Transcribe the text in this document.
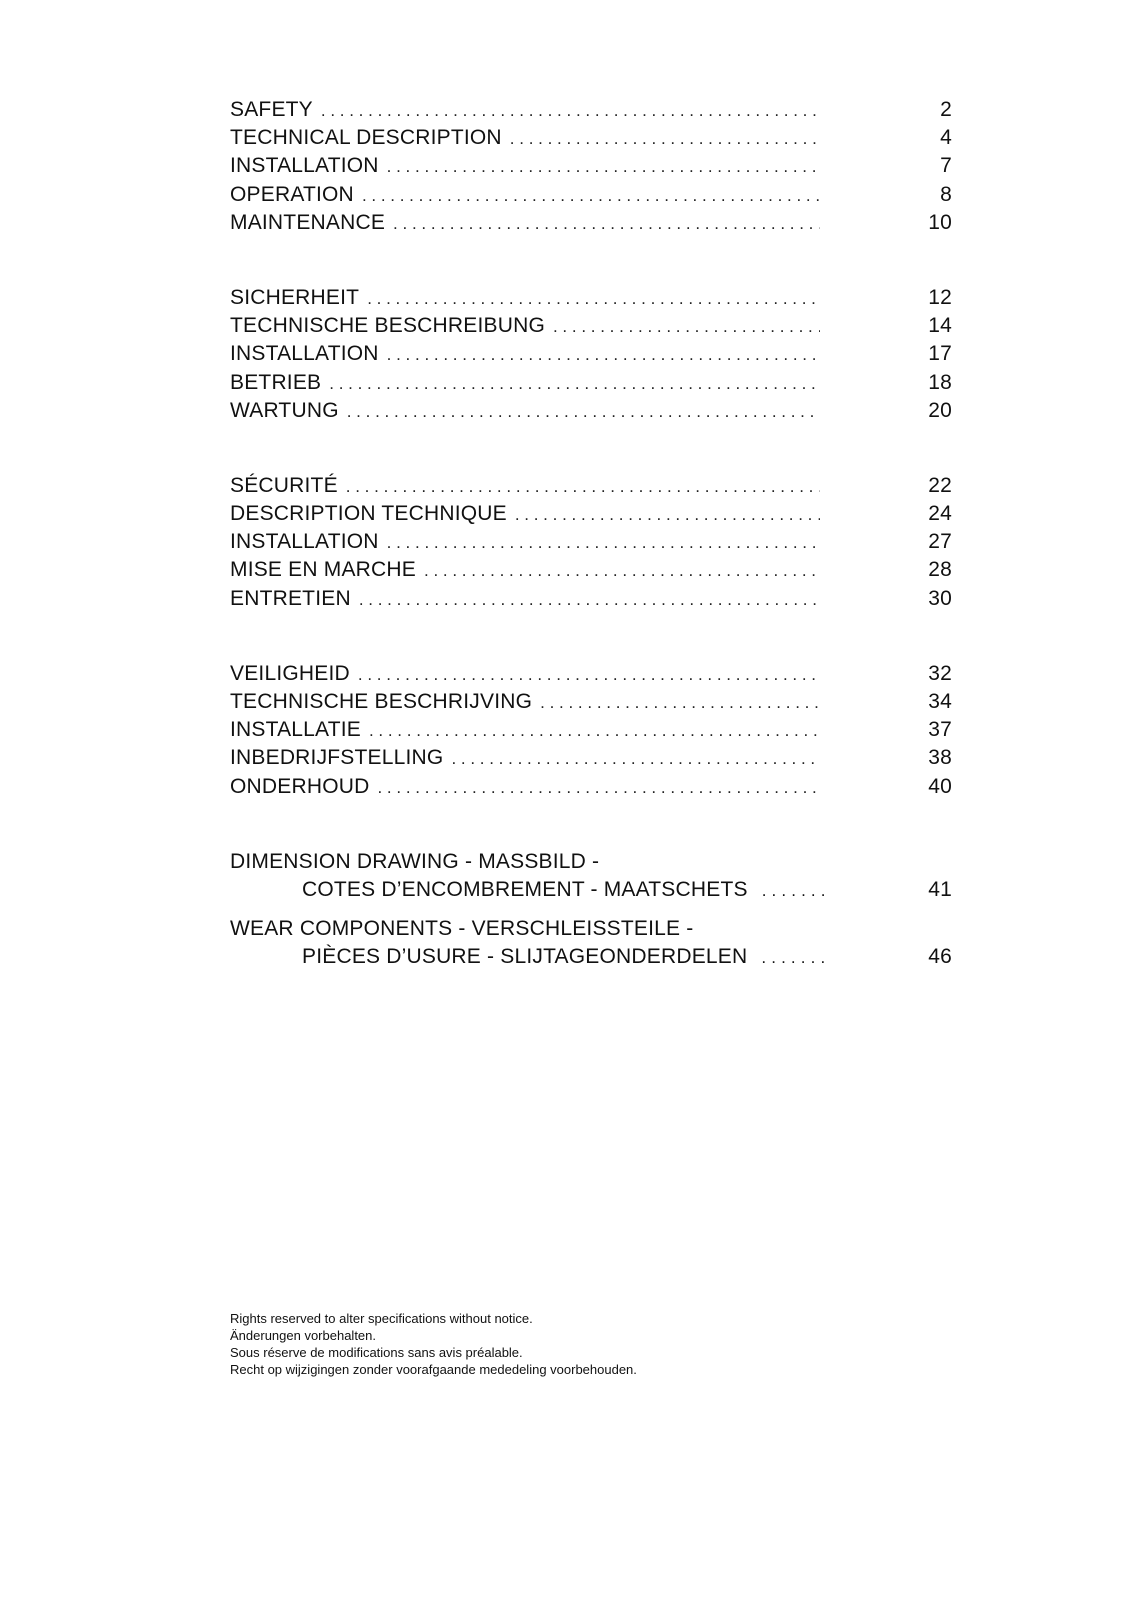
SAFETY . . .	2
TECHNICAL DESCRIPTION . . .	4
INSTALLATION . . .	7
OPERATION . . .	8
MAINTENANCE . . .	10
SICHERHEIT . . .	12
TECHNISCHE BESCHREIBUNG . . .	14
INSTALLATION . . .	17
BETRIEB . . .	18
WARTUNG . . .	20
SÉCURITÉ . . .	22
DESCRIPTION TECHNIQUE . . .	24
INSTALLATION . . .	27
MISE EN MARCHE . . .	28
ENTRETIEN . . .	30
VEILIGHEID . . .	32
TECHNISCHE BESCHRIJVING . . .	34
INSTALLATIE . . .	37
INBEDRIJFSTELLING . . .	38
ONDERHOUD . . .	40
DIMENSION DRAWING - MASSBILD -
COTES D’ENCOMBREMENT - MAATSCHETS . . .	41
WEAR COMPONENTS - VERSCHLEISSTEILE -
PIÈCES D’USURE - SLIJTAGEONDERDELEN . . .	46
Rights reserved to alter specifications without notice.
Änderungen vorbehalten.
Sous réserve de modifications sans avis préalable.
Recht op wijzigingen zonder voorafgaande mededeling voorbehouden.
